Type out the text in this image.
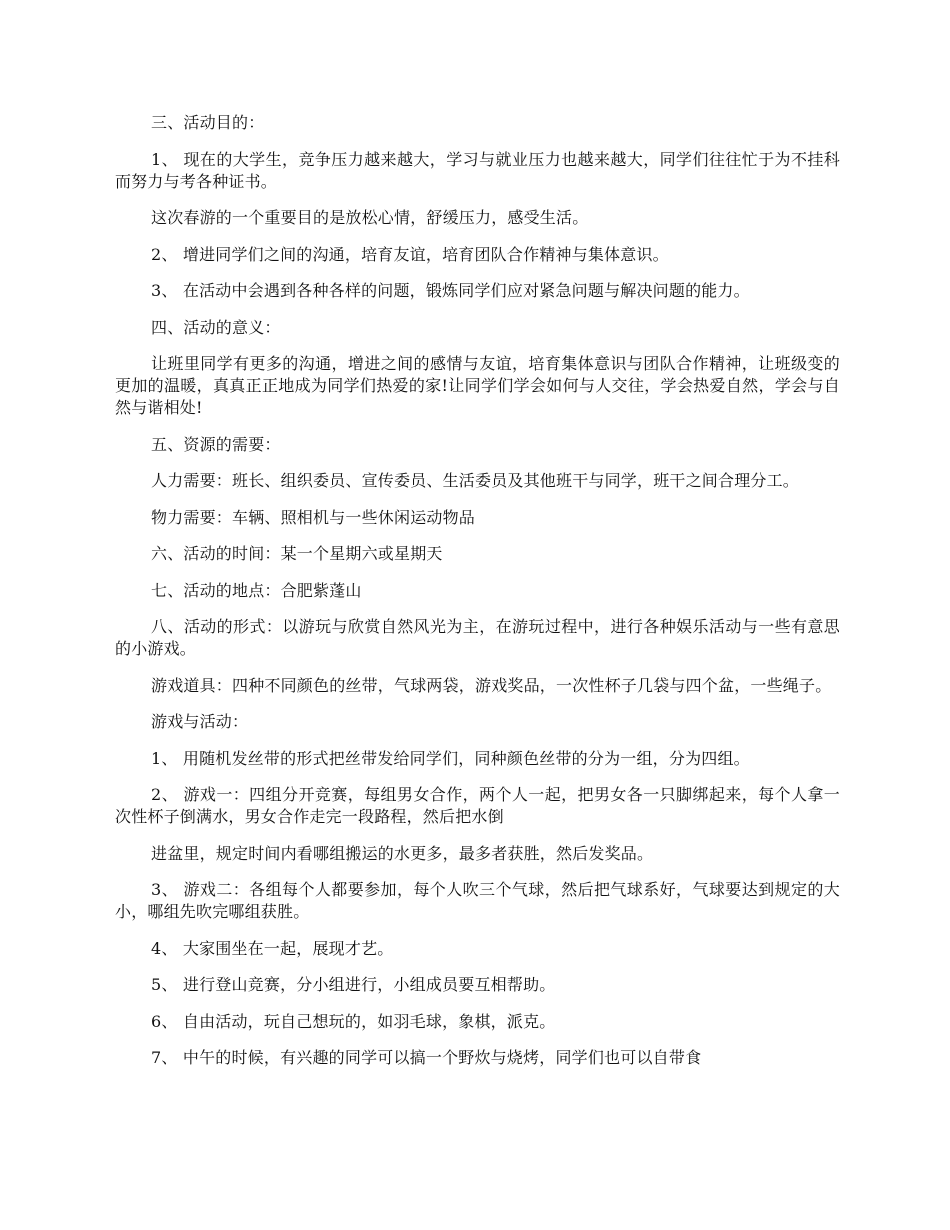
三、活动目的：

1、 现在的大学生，竞争压力越来越大，学习与就业压力也越来越大，同学们往往忙于为不挂科而努力与考各种证书。

这次春游的一个重要目的是放松心情，舒缓压力，感受生活。

2、 增进同学们之间的沟通，培育友谊，培育团队合作精神与集体意识。

3、 在活动中会遇到各种各样的问题，锻炼同学们应对紧急问题与解决问题的能力。

四、活动的意义：

让班里同学有更多的沟通，增进之间的感情与友谊，培育集体意识与团队合作精神，让班级变的更加的温暖，真真正正地成为同学们热爱的家!让同学们学会如何与人交往，学会热爱自然，学会与自然与谐相处!

五、资源的需要：

人力需要：班长、组织委员、宣传委员、生活委员及其他班干与同学，班干之间合理分工。

物力需要：车辆、照相机与一些休闲运动物品

六、活动的时间：某一个星期六或星期天

七、活动的地点：合肥紫蓬山

八、活动的形式：以游玩与欣赏自然风光为主，在游玩过程中，进行各种娱乐活动与一些有意思的小游戏。

游戏道具：四种不同颜色的丝带，气球两袋，游戏奖品，一次性杯子几袋与四个盆，一些绳子。

游戏与活动：

1、 用随机发丝带的形式把丝带发给同学们，同种颜色丝带的分为一组，分为四组。

2、 游戏一：四组分开竞赛，每组男女合作，两个人一起，把男女各一只脚绑起来，每个人拿一次性杯子倒满水，男女合作走完一段路程，然后把水倒

进盆里，规定时间内看哪组搬运的水更多，最多者获胜，然后发奖品。

3、 游戏二：各组每个人都要参加，每个人吹三个气球，然后把气球系好，气球要达到规定的大小，哪组先吹完哪组获胜。

4、 大家围坐在一起，展现才艺。

5、 进行登山竞赛，分小组进行，小组成员要互相帮助。

6、 自由活动，玩自己想玩的，如羽毛球，象棋，派克。

7、 中午的时候，有兴趣的同学可以搞一个野炊与烧烤，同学们也可以自带食
